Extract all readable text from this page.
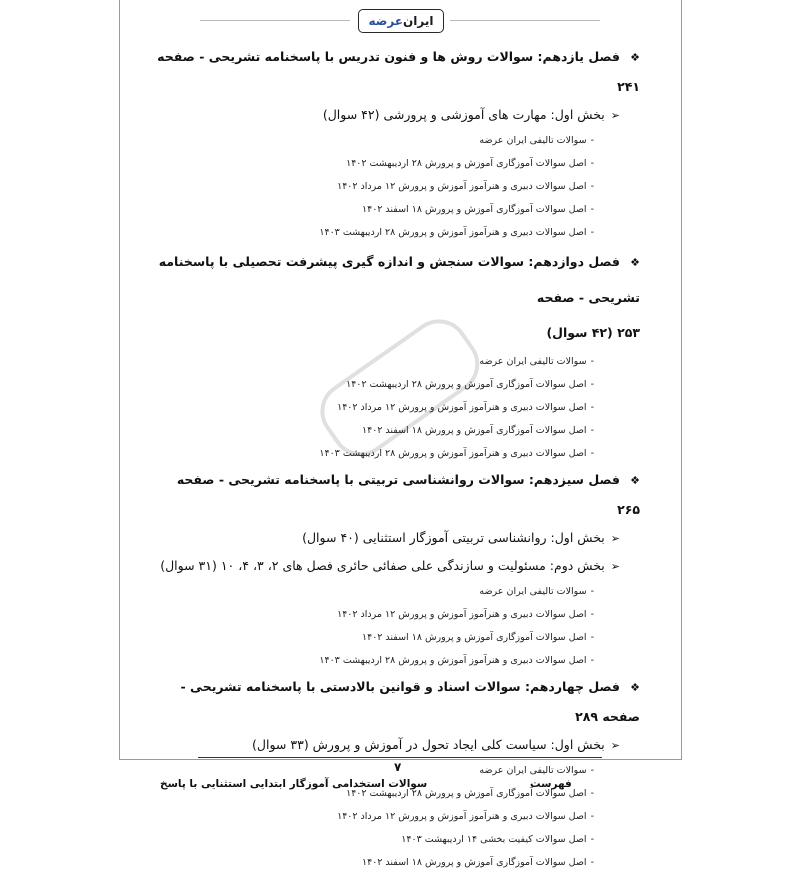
ایران
عرضه
❖فصل یازدهم: سوالات روش ها و فنون تدریس با پاسخنامه تشریحی - صفحه ۲۴۱
➢بخش اول: مهارت های آموزشی و پرورشی (۴۲ سوال)
-سوالات تالیفی ایران عرضه
-اصل سوالات آموزگاری آموزش و پرورش ۲۸ اردیبهشت ۱۴۰۲
-اصل سوالات دبیری و هنرآموز آموزش و پرورش ۱۲ مرداد ۱۴۰۲
-اصل سوالات آموزگاری آموزش و پرورش ۱۸ اسفند ۱۴۰۲
-اصل سوالات دبیری و هنرآموز آموزش و پرورش ۲۸ اردیبهشت ۱۴۰۳
❖فصل دوازدهم: سوالات سنجش و اندازه گیری پیشرفت تحصیلی با پاسخنامه تشریحی - صفحه
۲۵۳ (۴۲ سوال)
-سوالات تالیفی ایران عرضه
-اصل سوالات آموزگاری آموزش و پرورش ۲۸ اردیبهشت ۱۴۰۲
-اصل سوالات دبیری و هنرآموز آموزش و پرورش ۱۲ مرداد ۱۴۰۲
-اصل سوالات آموزگاری آموزش و پرورش ۱۸ اسفند ۱۴۰۲
-اصل سوالات دبیری و هنرآموز آموزش و پرورش ۲۸ اردیبهشت ۱۴۰۳
❖فصل سیزدهم: سوالات روانشناسی تربیتی با پاسخنامه تشریحی - صفحه ۲۶۵
➢بخش اول: روانشناسی تربیتی آموزگار استثنایی (۴۰ سوال)
➢بخش دوم: مسئولیت و سازندگی علی صفائی حائری فصل های ۲، ۳، ۴، ۱۰ (۳۱ سوال)
-سوالات تالیفی ایران عرضه
-اصل سوالات دبیری و هنرآموز آموزش و پرورش ۱۲ مرداد ۱۴۰۲
-اصل سوالات آموزگاری آموزش و پرورش ۱۸ اسفند ۱۴۰۲
-اصل سوالات دبیری و هنرآموز آموزش و پرورش ۲۸ اردیبهشت ۱۴۰۳
❖فصل چهاردهم: سوالات اسناد و قوانین بالادستی با پاسخنامه تشریحی - صفحه ۲۸۹
➢بخش اول: سیاست کلی ایجاد تحول در آموزش و پرورش (۳۳ سوال)
-سوالات تالیفی ایران عرضه
-اصل سوالات آموزگاری آموزش و پرورش ۲۸ اردیبهشت ۱۴۰۲
-اصل سوالات دبیری و هنرآموز آموزش و پرورش ۱۲ مرداد ۱۴۰۲
-اصل سوالات کیفیت بخشی ۱۴ اردیبهشت ۱۴۰۳
-اصل سوالات آموزگاری آموزش و پرورش ۱۸ اسفند ۱۴۰۲
۷
سوالات استخدامی آموزگار ابتدایی استثنایی با پاسخ	فهرست
